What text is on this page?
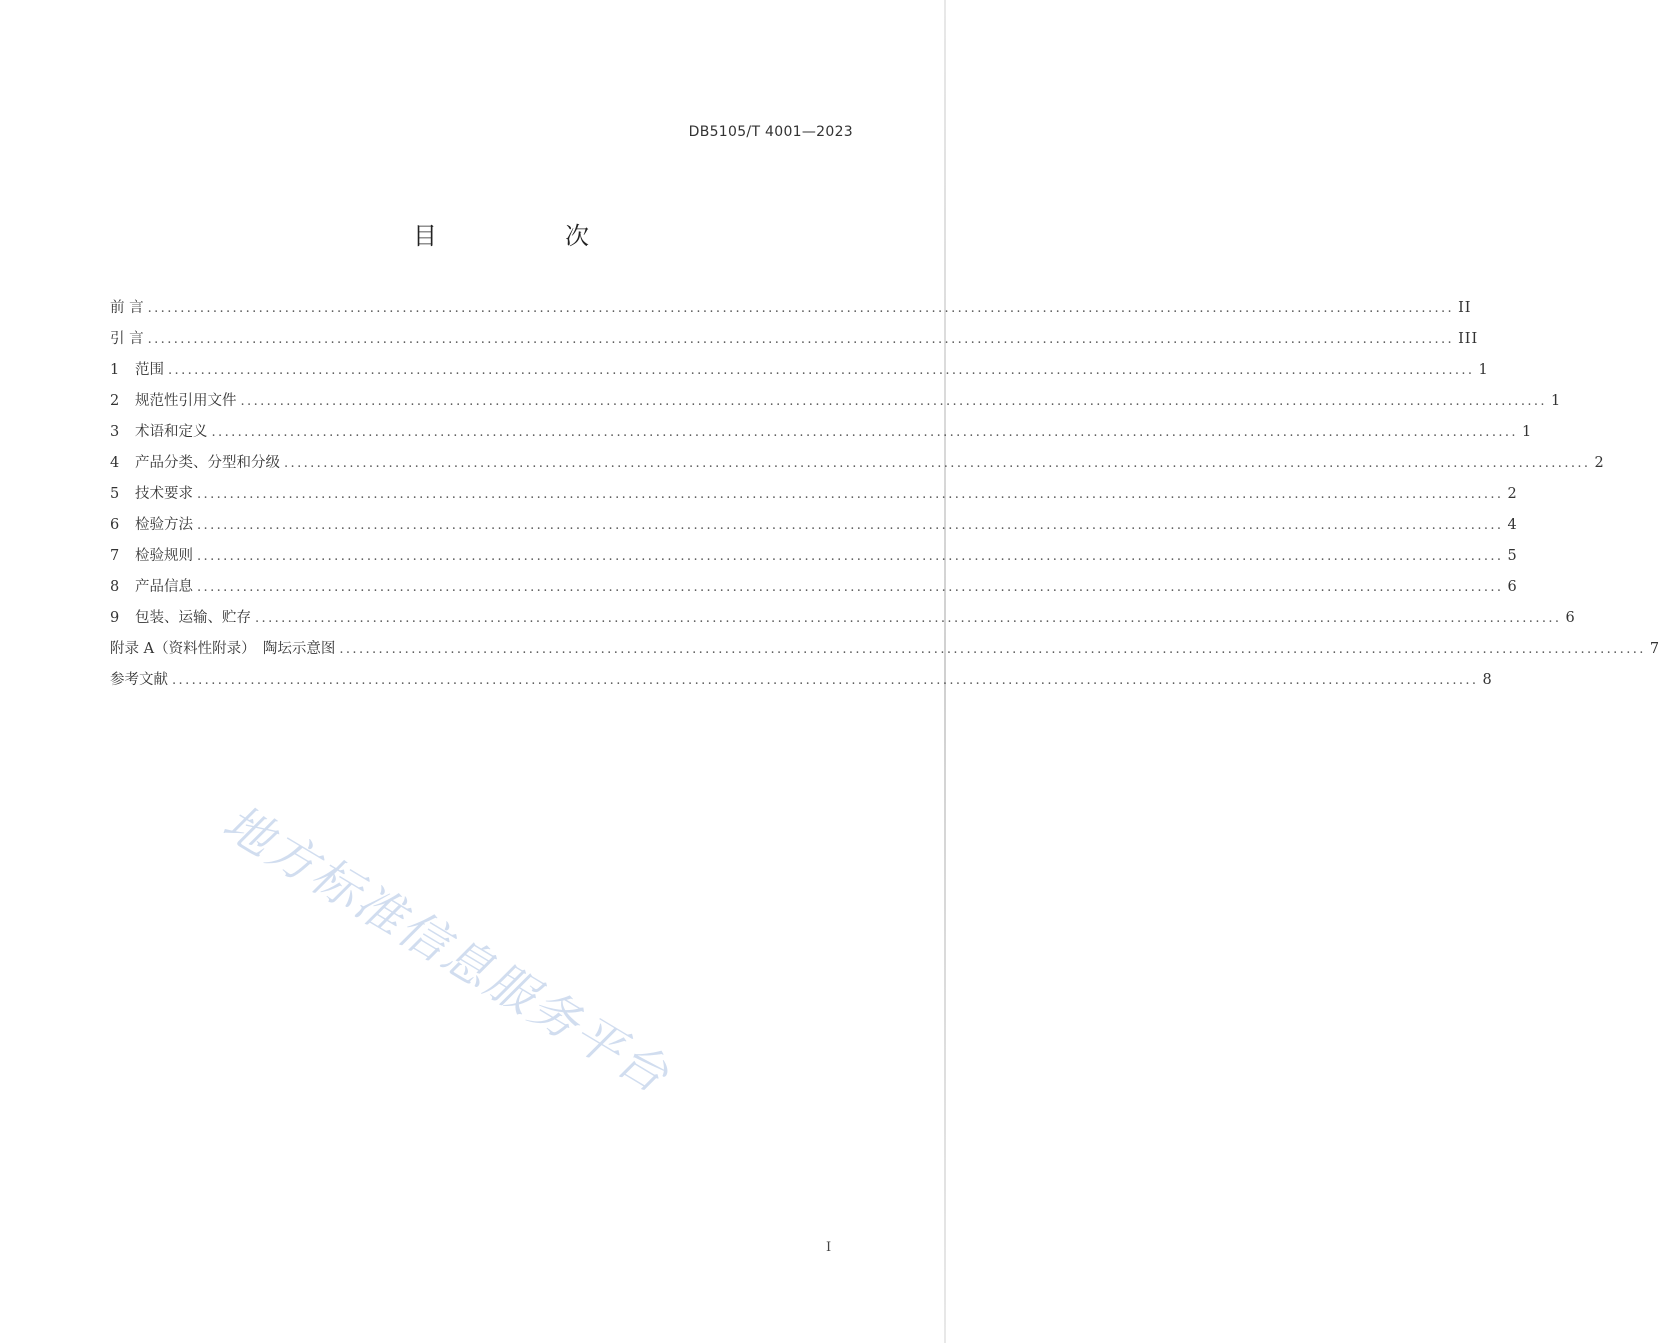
DB5105/T 4001—2023
目　次
前 言 ........................................................................................................................................................................................................ II
引 言 ........................................................................................................................................................................................................ III
1	范围 ........................................................................................................................................................................................................ 1
2	规范性引用文件 ........................................................................................................................................................................................................ 1
3	术语和定义 ........................................................................................................................................................................................................ 1
4	产品分类、分型和分级 ........................................................................................................................................................................................................ 2
5	技术要求 ........................................................................................................................................................................................................ 2
6	检验方法 ........................................................................................................................................................................................................ 4
7	检验规则 ........................................................................................................................................................................................................ 5
8	产品信息 ........................................................................................................................................................................................................ 6
9	包装、运输、贮存 ........................................................................................................................................................................................................ 6
附录 A（资料性附录）　陶坛示意图 ........................................................................................................................................................................................................ 7
参考文献 ........................................................................................................................................................................................................ 8
地方标准信息服务平台
I
